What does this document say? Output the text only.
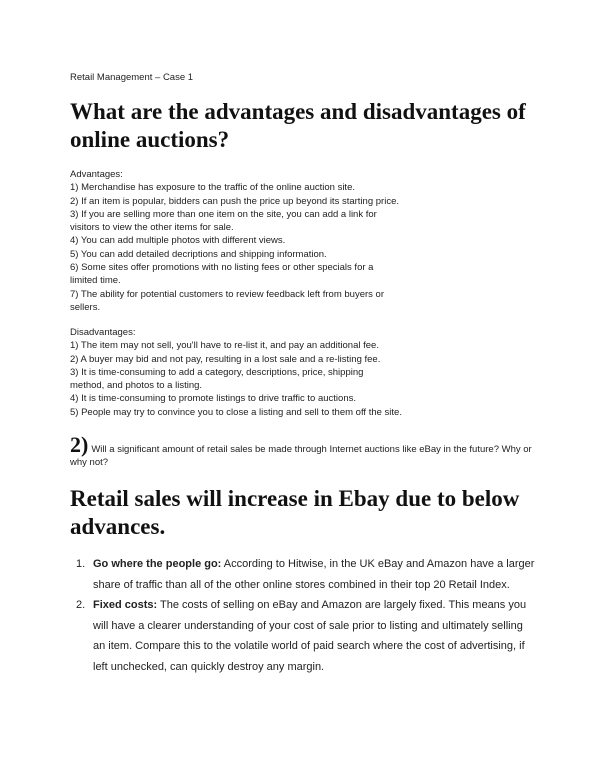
Retail Management – Case 1
What are the advantages and disadvantages of online auctions?

Advantages:

1) Merchandise has exposure to the traffic of the online auction site.

2) If an item is popular, bidders can push the price up beyond its starting price.

3) If you are selling more than one item on the site, you can add a link for

visitors to view the other items for sale.

4) You can add multiple photos with different views.

5) You can add detailed decriptions and shipping information.

6) Some sites offer promotions with no listing fees or other specials for a

limited time.

7) The ability for potential customers to review feedback left from buyers or

sellers.

Disadvantages:

1) The item may not sell, you'll have to re-list it, and pay an additional fee.

2) A buyer may bid and not pay, resulting in a lost sale and a re-listing fee.

3) It is time-consuming to add a category, descriptions, price, shipping

method, and photos to a listing.

4) It is time-consuming to promote listings to drive traffic to auctions.

5) People may try to convince you to close a listing and sell to them off the site.

2) Will a significant amount of retail sales be made through Internet auctions like eBay in the future? Why or why not?
Retail sales will increase in Ebay due to below advances.
1. Go where the people go: According to Hitwise, in the UK eBay and Amazon have a larger share of traffic than all of the other online stores combined in their top 20 Retail Index.
2. Fixed costs: The costs of selling on eBay and Amazon are largely fixed. This means you will have a clearer understanding of your cost of sale prior to listing and ultimately selling an item. Compare this to the volatile world of paid search where the cost of advertising, if left unchecked, can quickly destroy any margin.
